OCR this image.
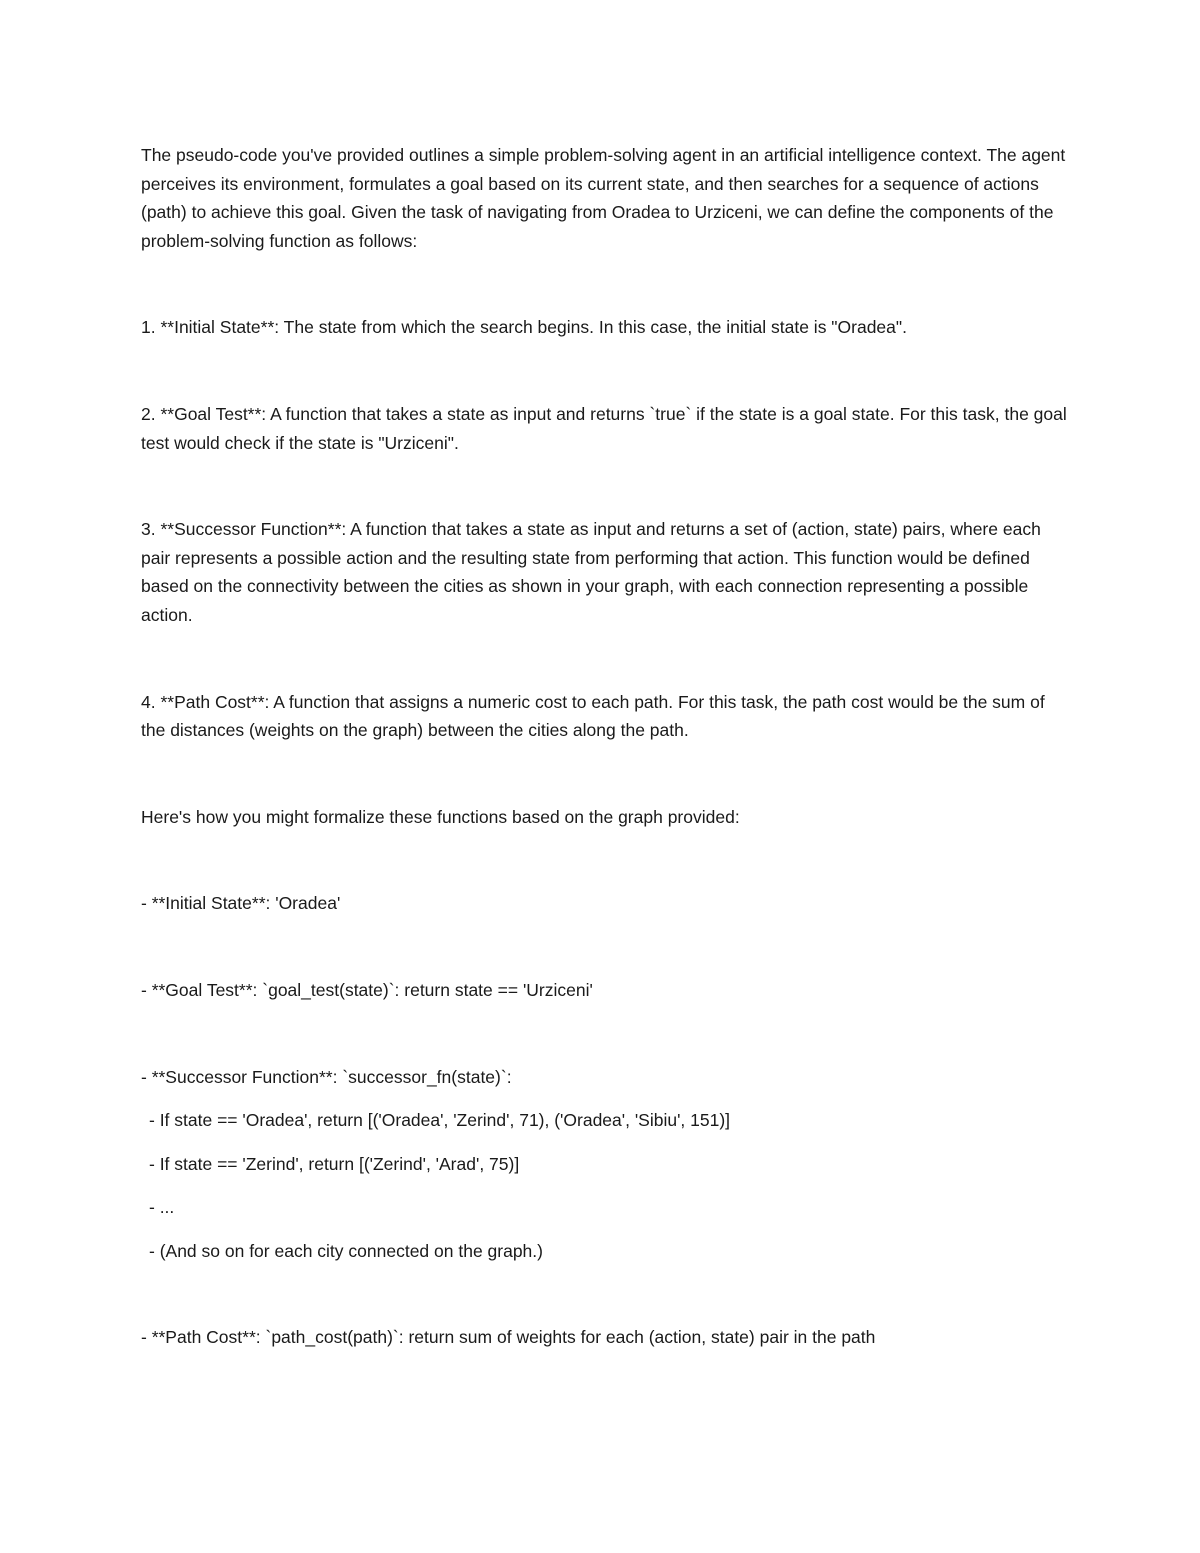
The pseudo-code you've provided outlines a simple problem-solving agent in an artificial intelligence context. The agent perceives its environment, formulates a goal based on its current state, and then searches for a sequence of actions (path) to achieve this goal. Given the task of navigating from Oradea to Urziceni, we can define the components of the problem-solving function as follows:

1. **Initial State**: The state from which the search begins. In this case, the initial state is "Oradea".

2. **Goal Test**: A function that takes a state as input and returns `true` if the state is a goal state. For this task, the goal test would check if the state is "Urziceni".

3. **Successor Function**: A function that takes a state as input and returns a set of (action, state) pairs, where each pair represents a possible action and the resulting state from performing that action. This function would be defined based on the connectivity between the cities as shown in your graph, with each connection representing a possible action.

4. **Path Cost**: A function that assigns a numeric cost to each path. For this task, the path cost would be the sum of the distances (weights on the graph) between the cities along the path.

Here's how you might formalize these functions based on the graph provided:

- **Initial State**: 'Oradea'

- **Goal Test**: `goal_test(state)`: return state == 'Urziceni'

- **Successor Function**: `successor_fn(state)`:

- If state == 'Oradea', return [('Oradea', 'Zerind', 71), ('Oradea', 'Sibiu', 151)]

- If state == 'Zerind', return [('Zerind', 'Arad', 75)]

- ...

- (And so on for each city connected on the graph.)

- **Path Cost**: `path_cost(path)`: return sum of weights for each (action, state) pair in the path
